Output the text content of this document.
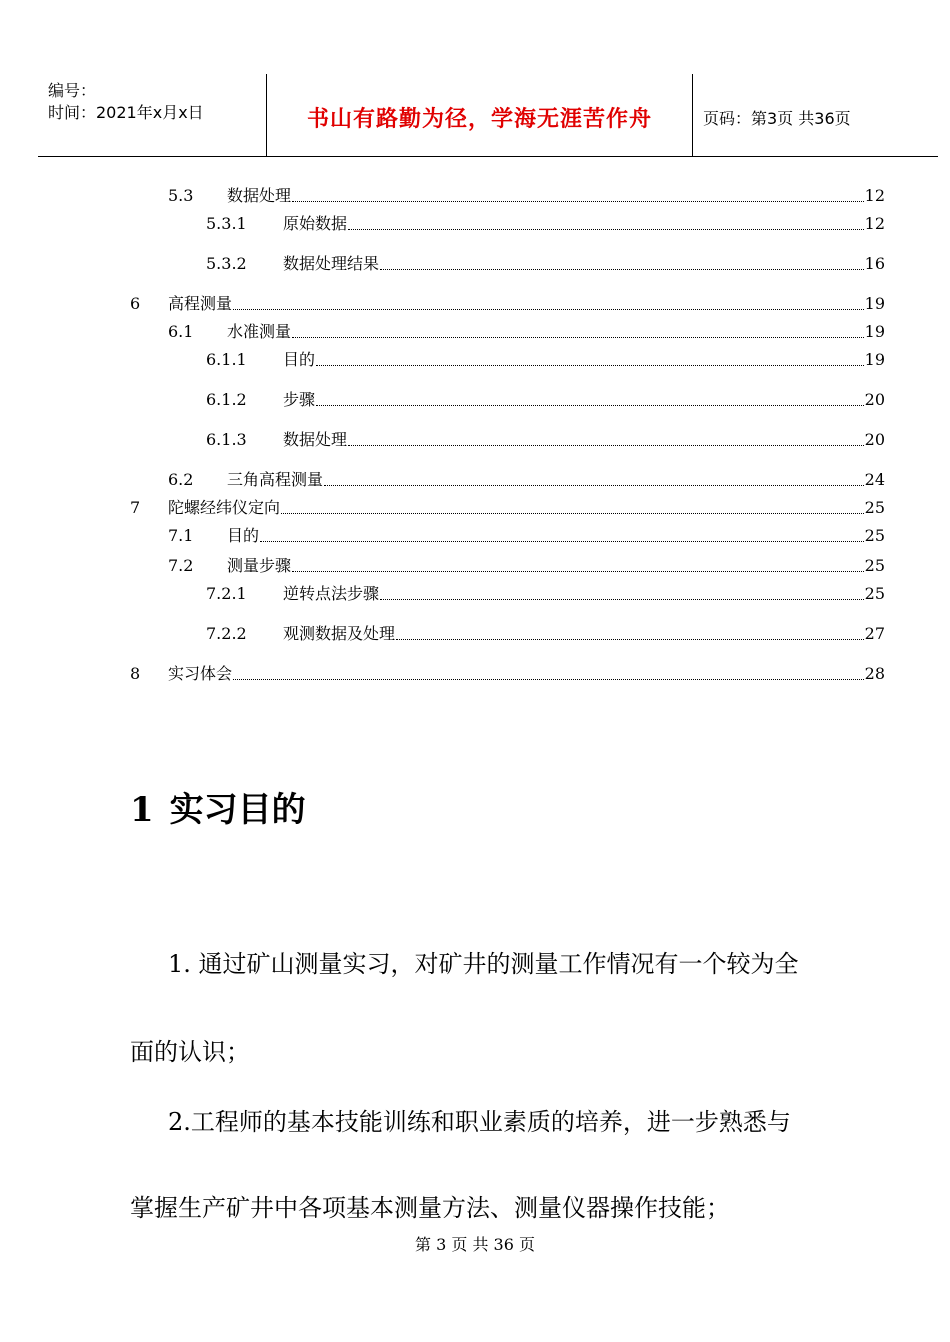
编号：
时间：2021年x月x日	书山有路勤为径，学海无涯苦作舟	页码：第3页 共36页
5.3	数据处理	12
5.3.1	原始数据	12
5.3.2	数据处理结果	16
6	高程测量	19
6.1	水准测量	19
6.1.1	目的	19
6.1.2	步骤	20
6.1.3	数据处理	20
6.2	三角高程测量	24
7	陀螺经纬仪定向	25
7.1	目的	25
7.2	测量步骤	25
7.2.1	逆转点法步骤	25
7.2.2	观测数据及处理	27
8	实习体会	28
1 实习目的
1. 通过矿山测量实习，对矿井的测量工作情况有一个较为全
面的认识；
2.工程师的基本技能训练和职业素质的培养，进一步熟悉与
掌握生产矿井中各项基本测量方法、测量仪器操作技能；
第 3 页 共 36 页
